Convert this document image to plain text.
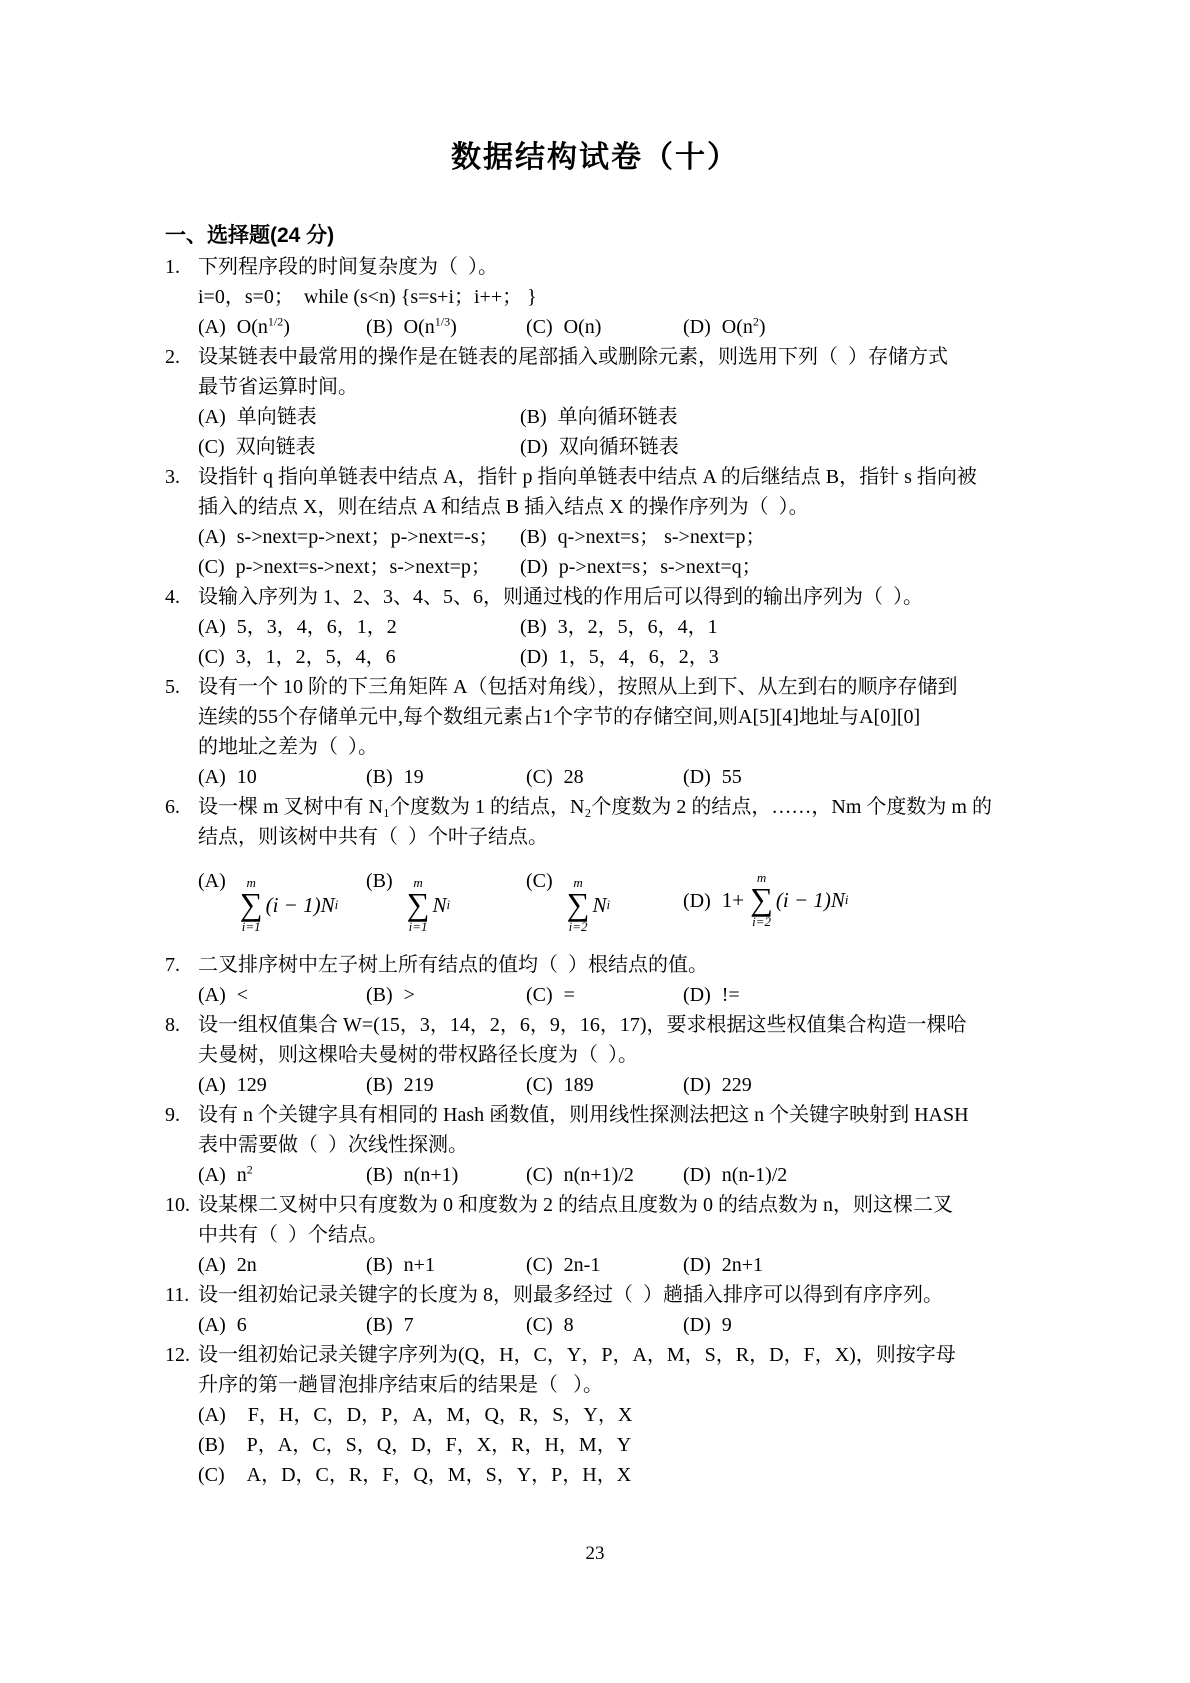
数据结构试卷（十）
一、选择题(24 分)
1. 下列程序段的时间复杂度为（  ）。
i=0，s=0；  while (s<n) {s=s+i；i++； }
(A) $O(n^{1/2})$	(B) $O(n^{1/3})$	(C) O(n)	(D) $O(n^2)$
2. 设某链表中最常用的操作是在链表的尾部插入或删除元素，则选用下列（  ）存储方式
最节省运算时间。
(A) 单向链表	(B) 单向循环链表
(C) 双向链表	(D) 双向循环链表
3. 设指针 q 指向单链表中结点 A，指针 p 指向单链表中结点 A 的后继结点 B，指针 s 指向被
插入的结点 X，则在结点 A 和结点 B 插入结点 X 的操作序列为（  ）。
(A) s->next=p->next；p->next=-s；	(B) q->next=s； s->next=p；
(C) p->next=s->next；s->next=p；	(D) p->next=s；s->next=q；
4. 设输入序列为 1、2、3、4、5、6，则通过栈的作用后可以得到的输出序列为（  ）。
(A) 5，3，4，6，1，2	(B) 3，2，5，6，4，1
(C) 3，1，2，5，4，6	(D) 1，5，4，6，2，3
5. 设有一个 10 阶的下三角矩阵 A（包括对角线），按照从上到下、从左到右的顺序存储到
连续的55个存储单元中,每个数组元素占1个字节的存储空间,则A[5][4]地址与A[0][0]
的地址之差为（  ）。
(A) 10	(B) 19	(C) 28	(D) 55
6. 设一棵 m 叉树中有 N₁个度数为 1 的结点，N₂个度数为 2 的结点，……，Nm 个度数为 m 的
结点，则该树中共有（  ）个叶子结点。
(A) m
∑
i=1
(i − 1)N i
(B) m
∑
i=1
N i
(C) m
∑
i=2
N i	(D) 1+
m
∑
i=2
(i − 1)N i
7. 二叉排序树中左子树上所有结点的值均（  ）根结点的值。
(A) <	(B) >	(C) =	(D) !=
8. 设一组权值集合 W=(15，3，14，2，6，9，16，17)，要求根据这些权值集合构造一棵哈
夫曼树，则这棵哈夫曼树的带权路径长度为（  ）。
(A) 129	(B) 219	(C) 189	(D) 229
9. 设有 n 个关键字具有相同的 Hash 函数值，则用线性探测法把这 n 个关键字映射到 HASH
表中需要做（  ）次线性探测。
(A) $n^2$	(B) n(n+1)	(C) n(n+1)/2	(D) n(n-1)/2
10. 设某棵二叉树中只有度数为 0 和度数为 2 的结点且度数为 0 的结点数为 n，则这棵二叉
中共有（  ）个结点。
(A) 2n	(B) n+1	(C) 2n-1	(D) 2n+1
11. 设一组初始记录关键字的长度为 8，则最多经过（  ）趟插入排序可以得到有序序列。
(A) 6	(B) 7	(C) 8	(D) 9
12. 设一组初始记录关键字序列为(Q，H，C，Y，P，A，M，S，R，D，F，X)，则按字母
升序的第一趟冒泡排序结束后的结果是（   ）。
(A) F，H，C，D，P，A，M，Q，R，S，Y，X
(B) P，A，C，S，Q，D，F，X，R，H，M，Y
(C) A，D，C，R，F，Q，M，S，Y，P，H，X
23
